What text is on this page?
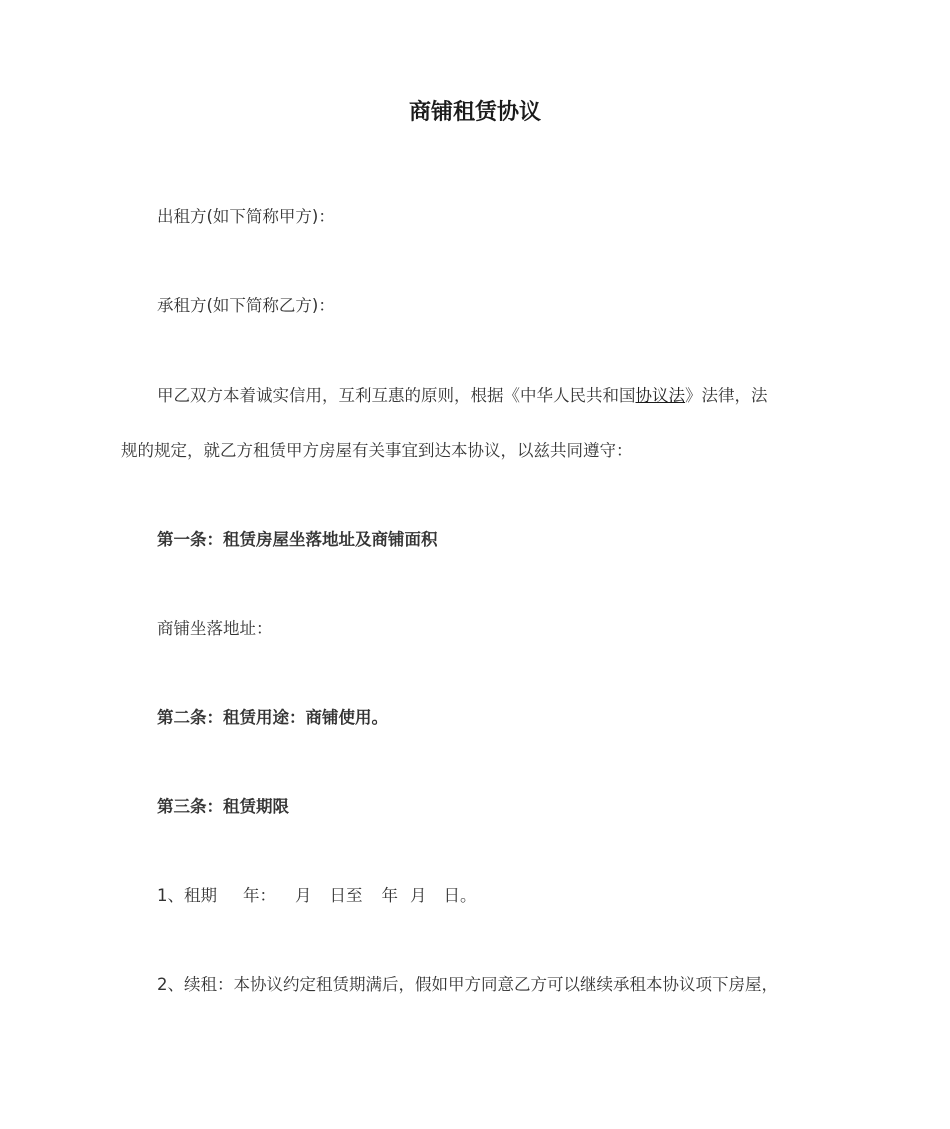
商铺租赁协议
出租方(如下简称甲方)：
承租方(如下简称乙方)：
甲乙双方本着诚实信用，互利互惠的原则，根据《中华人民共和国协议法》法律，法
规的规定，就乙方租赁甲方房屋有关事宜到达本协议，以兹共同遵守：
第一条：租赁房屋坐落地址及商铺面积
商铺坐落地址：
第二条：租赁用途：商铺使用。
第三条：租赁期限
1、租期 年： 月 日至 年 月 日。
2、续租：本协议约定租赁期满后，假如甲方同意乙方可以继续承租本协议项下房屋，
